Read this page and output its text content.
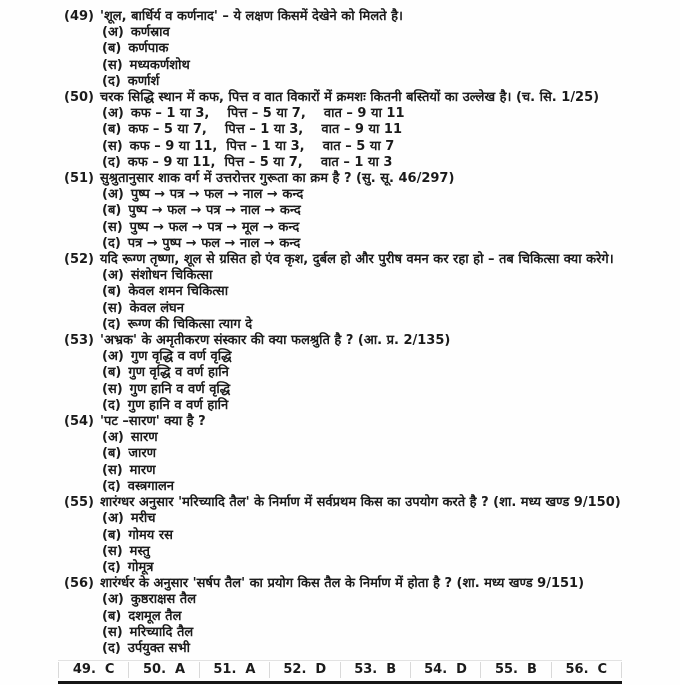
(49) 'शूल, बार्धिर्य व कर्णनाद' – ये लक्षण किसमें देखेने को मिलते है।
(अ) कर्णस्राव
(ब) कर्णपाक
(स) मध्यकर्णशोथ
(द) कर्णार्श
(50) चरक सिद्धि स्थान में कफ, पित्त व वात विकारों में क्रमशः कितनी बस्तियों का उल्लेख है। (च. सि. 1/25)
(अ) कफ – 1 या 3,    पित्त – 5 या 7,    वात – 9 या 11
(ब) कफ – 5 या 7,    पित्त – 1 या 3,    वात – 9 या 11
(स) कफ – 9 या 11,  पित्त – 1 या 3,    वात – 5 या 7
(द) कफ – 9 या 11,  पित्त – 5 या 7,    वात – 1 या 3
(51) सुश्रुतानुसार शाक वर्ग में उत्तरोत्तर गुरूता का क्रम है ? (सु. सू. 46/297)
(अ) पुष्प → पत्र → फल → नाल → कन्द
(ब) पुष्प → फल → पत्र → नाल → कन्द
(स) पुष्प → फल → पत्र → मूल → कन्द
(द) पत्र → पुष्प → फल → नाल → कन्द
(52) यदि रूग्ण तृष्णा, शूल से ग्रसित हो एंव कृश, दुर्बल हो और पुरीष वमन कर रहा हो – तब चिकित्सा क्या करेगे।
(अ) संशोधन चिकित्सा
(ब) केवल शमन चिकित्सा
(स) केवल लंघन
(द) रूग्ण की चिकित्सा त्याग दे
(53) 'अभ्रक' के अमृतीकरण संस्कार की क्या फलश्रुति है ? (आ. प्र. 2/135)
(अ) गुण वृद्धि व वर्ण वृद्धि
(ब) गुण वृद्धि व वर्ण हानि
(स) गुण हानि व वर्ण वृद्धि
(द) गुण हानि व वर्ण हानि
(54) 'पट –सारण' क्या है ?
(अ) सारण
(ब) जारण
(स) मारण
(द) वस्त्रगालन
(55) शारंग्धर अनुसार 'मरिच्यादि तैल' के निर्माण में सर्वप्रथम किस का उपयोग करते है ? (शा. मध्य खण्ड 9/150)
(अ) मरीच
(ब) गोमय रस
(स) मस्तु
(द) गोमूत्र
(56) शारंर्ग्धर के अनुसार 'सर्षप तैल' का प्रयोग किस तैल के निर्माण में होता है ? (शा. मध्य खण्ड 9/151)
(अ) कुष्ठराक्षस तैल
(ब) दशमूल तैल
(स) मरिच्यादि तैल
(द) उर्पयुक्त सभी
49. C	50. A	51. A	52. D	53. B	54. D	55. B	56. C
